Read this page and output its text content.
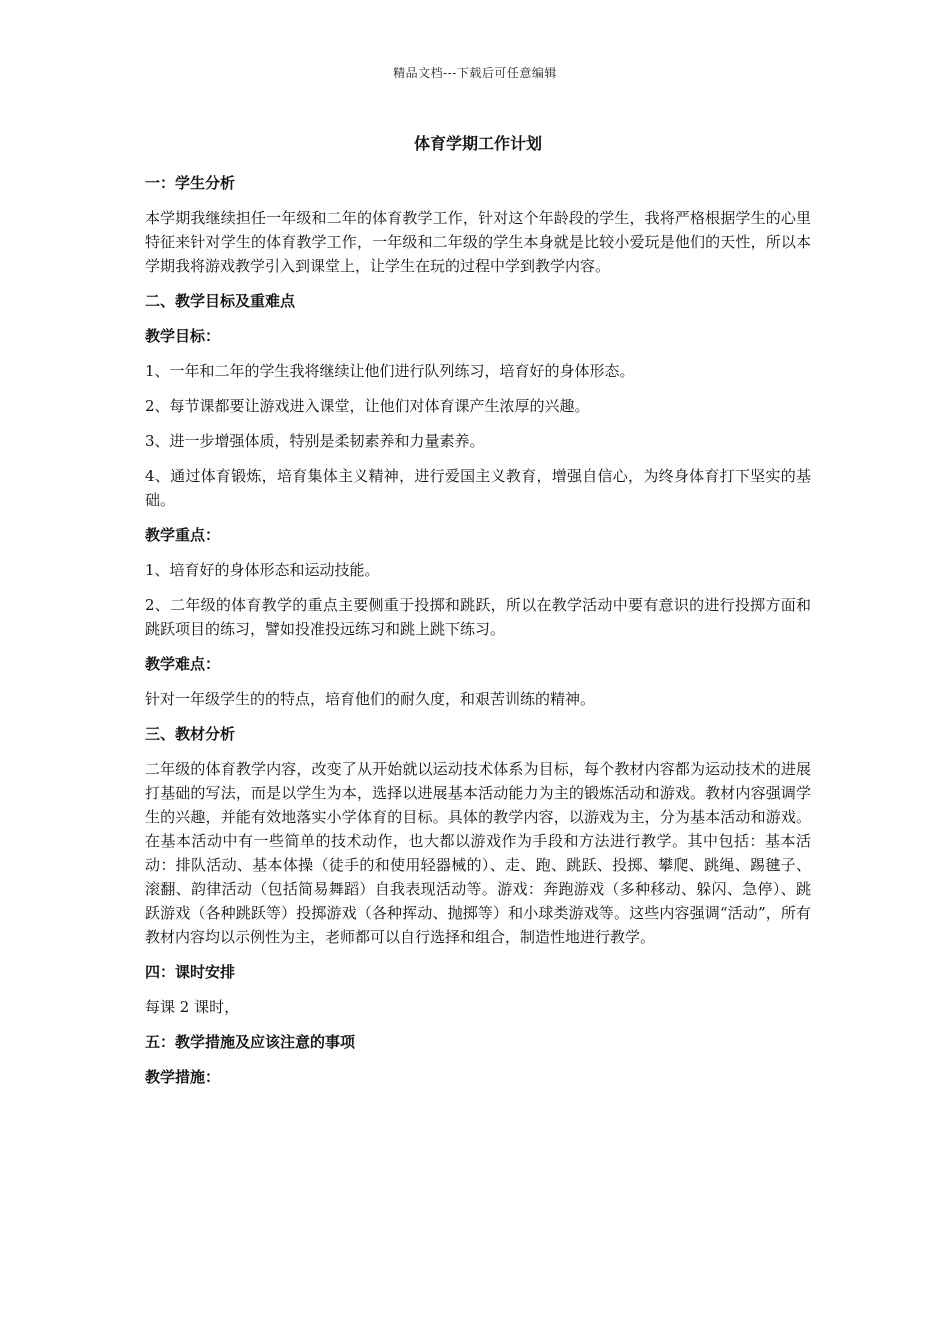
精品文档---下载后可任意编辑
体育学期工作计划
一：学生分析
本学期我继续担任一年级和二年的体育教学工作，针对这个年龄段的学生，我将严格根据学生的心里特征来针对学生的体育教学工作，一年级和二年级的学生本身就是比较小爱玩是他们的天性，所以本学期我将游戏教学引入到课堂上，让学生在玩的过程中学到教学内容。
二、教学目标及重难点
教学目标：
1、一年和二年的学生我将继续让他们进行队列练习，培育好的身体形态。
2、每节课都要让游戏进入课堂，让他们对体育课产生浓厚的兴趣。
3、进一步增强体质，特别是柔韧素养和力量素养。
4、通过体育锻炼，培育集体主义精神，进行爱国主义教育，增强自信心，为终身体育打下坚实的基础。
教学重点：
1、培育好的身体形态和运动技能。
2、二年级的体育教学的重点主要侧重于投掷和跳跃，所以在教学活动中要有意识的进行投掷方面和跳跃项目的练习，譬如投准投远练习和跳上跳下练习。
教学难点：
针对一年级学生的的特点，培育他们的耐久度，和艰苦训练的精神。
三、教材分析
二年级的体育教学内容，改变了从开始就以运动技术体系为目标，每个教材内容都为运动技术的进展打基础的写法，而是以学生为本，选择以进展基本活动能力为主的锻炼活动和游戏。教材内容强调学生的兴趣，并能有效地落实小学体育的目标。具体的教学内容，以游戏为主，分为基本活动和游戏。在基本活动中有一些简单的技术动作，也大都以游戏作为手段和方法进行教学。其中包括：基本活动：排队活动、基本体操（徒手的和使用轻器械的）、走、跑、跳跃、投掷、攀爬、跳绳、踢毽子、滚翻、韵律活动（包括简易舞蹈）自我表现活动等。游戏：奔跑游戏（多种移动、躲闪、急停）、跳跃游戏（各种跳跃等）投掷游戏（各种挥动、抛掷等）和小球类游戏等。这些内容强调“活动”，所有教材内容均以示例性为主，老师都可以自行选择和组合，制造性地进行教学。
四：课时安排
每课 2 课时，
五：教学措施及应该注意的事项
教学措施：
